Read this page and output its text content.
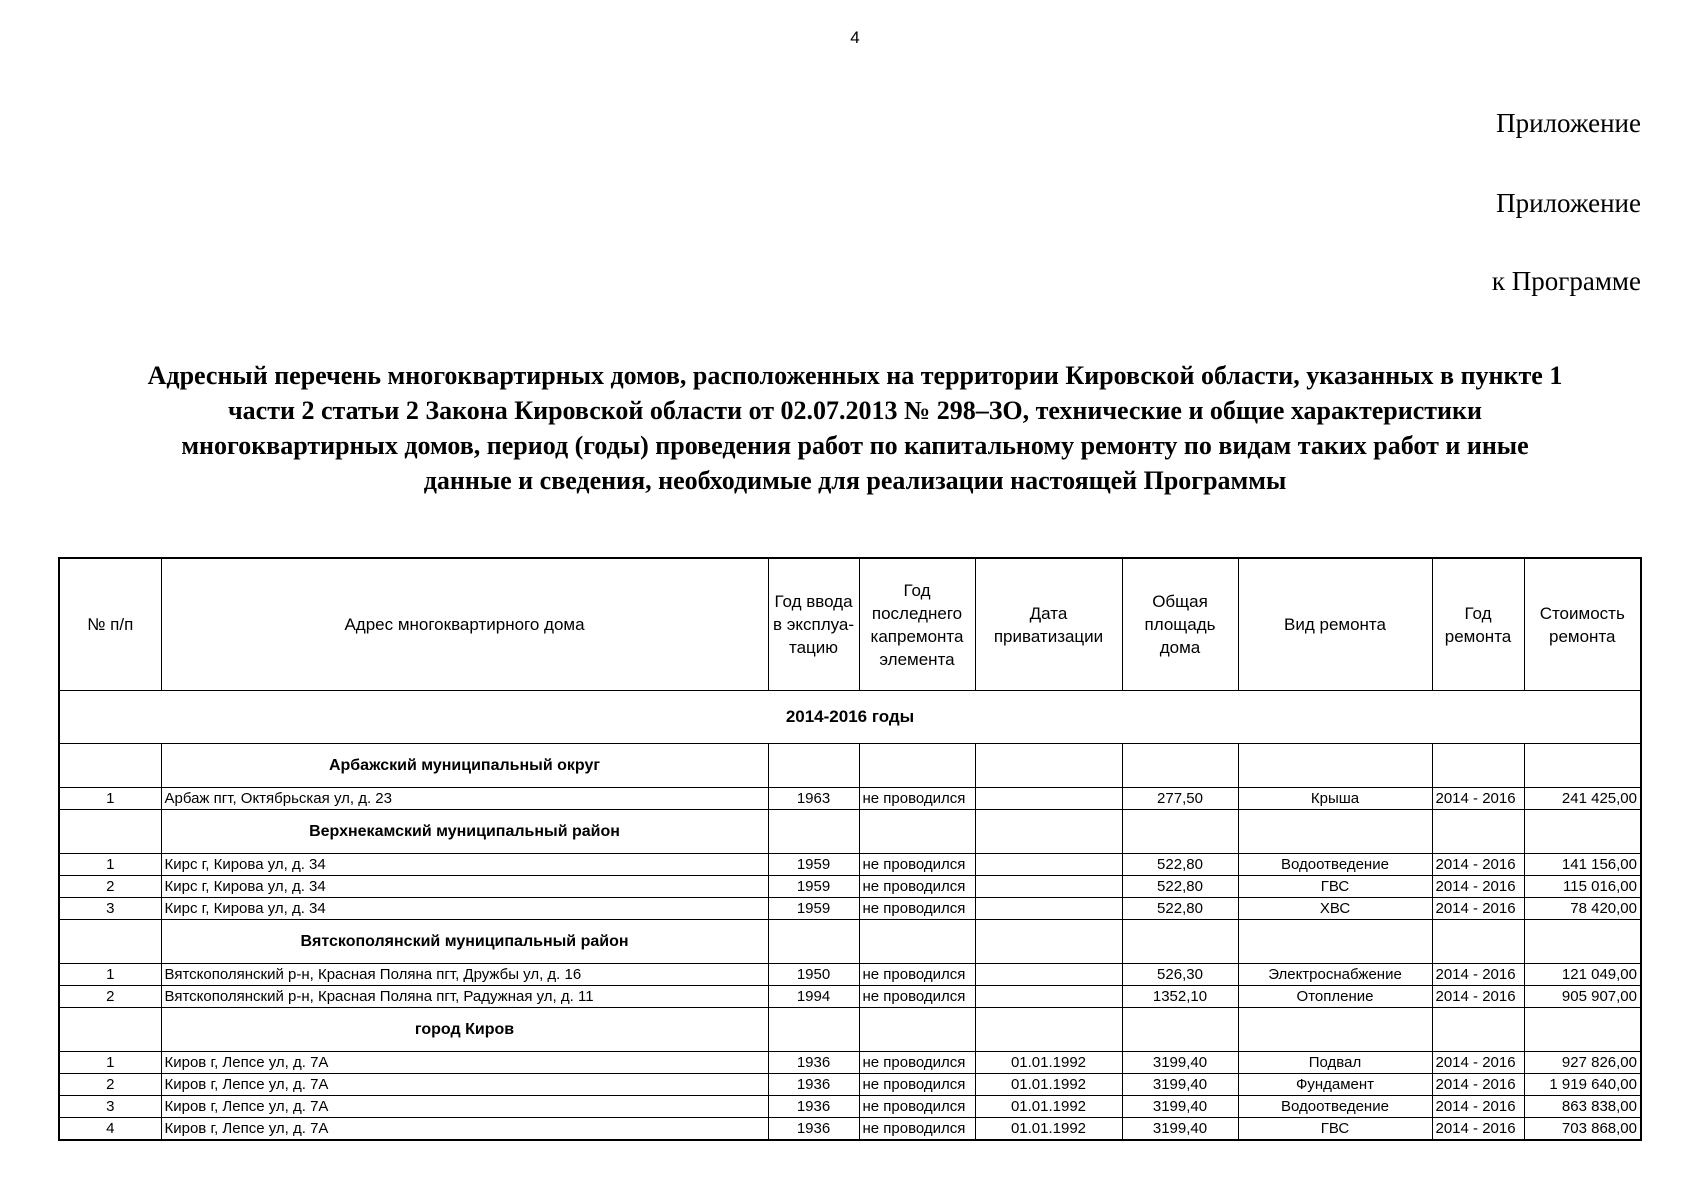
4
Приложение
Приложение
к Программе
Адресный перечень многоквартирных домов, расположенных на территории Кировской области, указанных в пункте 1
части 2 статьи 2 Закона Кировской области от 02.07.2013 № 298–ЗО, технические и общие характеристики
многоквартирных домов, период (годы) проведения работ по капитальному ремонту по видам таких работ и иные
данные и сведения, необходимые для реализации настоящей Программы
№ п/п	Адрес многоквартирного дома	Год ввода в эксплуа-тацию	Год последнего капремонта элемента	Дата приватизации	Общая площадь дома	Вид ремонта	Год ремонта	Стоимость ремонта
2014-2016 годы								
	Арбажский муниципальный округ							
1	Арбаж пгт, Октябрьская ул, д. 23	1963	не проводился		277,50	Крыша	2014 - 2016	241 425,00
	Верхнекамский муниципальный район							
1	Кирс г, Кирова ул, д. 34	1959	не проводился		522,80	Водоотведение	2014 - 2016	141 156,00
2	Кирс г, Кирова ул, д. 34	1959	не проводился		522,80	ГВС	2014 - 2016	115 016,00
3	Кирс г, Кирова ул, д. 34	1959	не проводился		522,80	ХВС	2014 - 2016	78 420,00
	Вятскополянский муниципальный район							
1	Вятскополянский р-н, Красная Поляна пгт, Дружбы ул, д. 16	1950	не проводился		526,30	Электроснабжение	2014 - 2016	121 049,00
2	Вятскополянский р-н, Красная Поляна пгт, Радужная ул, д. 11	1994	не проводился		1352,10	Отопление	2014 - 2016	905 907,00
	город Киров							
1	Киров г, Лепсе ул, д. 7А	1936	не проводился	01.01.1992	3199,40	Подвал	2014 - 2016	927 826,00
2	Киров г, Лепсе ул, д. 7А	1936	не проводился	01.01.1992	3199,40	Фундамент	2014 - 2016	1 919 640,00
3	Киров г, Лепсе ул, д. 7А	1936	не проводился	01.01.1992	3199,40	Водоотведение	2014 - 2016	863 838,00
4	Киров г, Лепсе ул, д. 7А	1936	не проводился	01.01.1992	3199,40	ГВС	2014 - 2016	703 868,00
